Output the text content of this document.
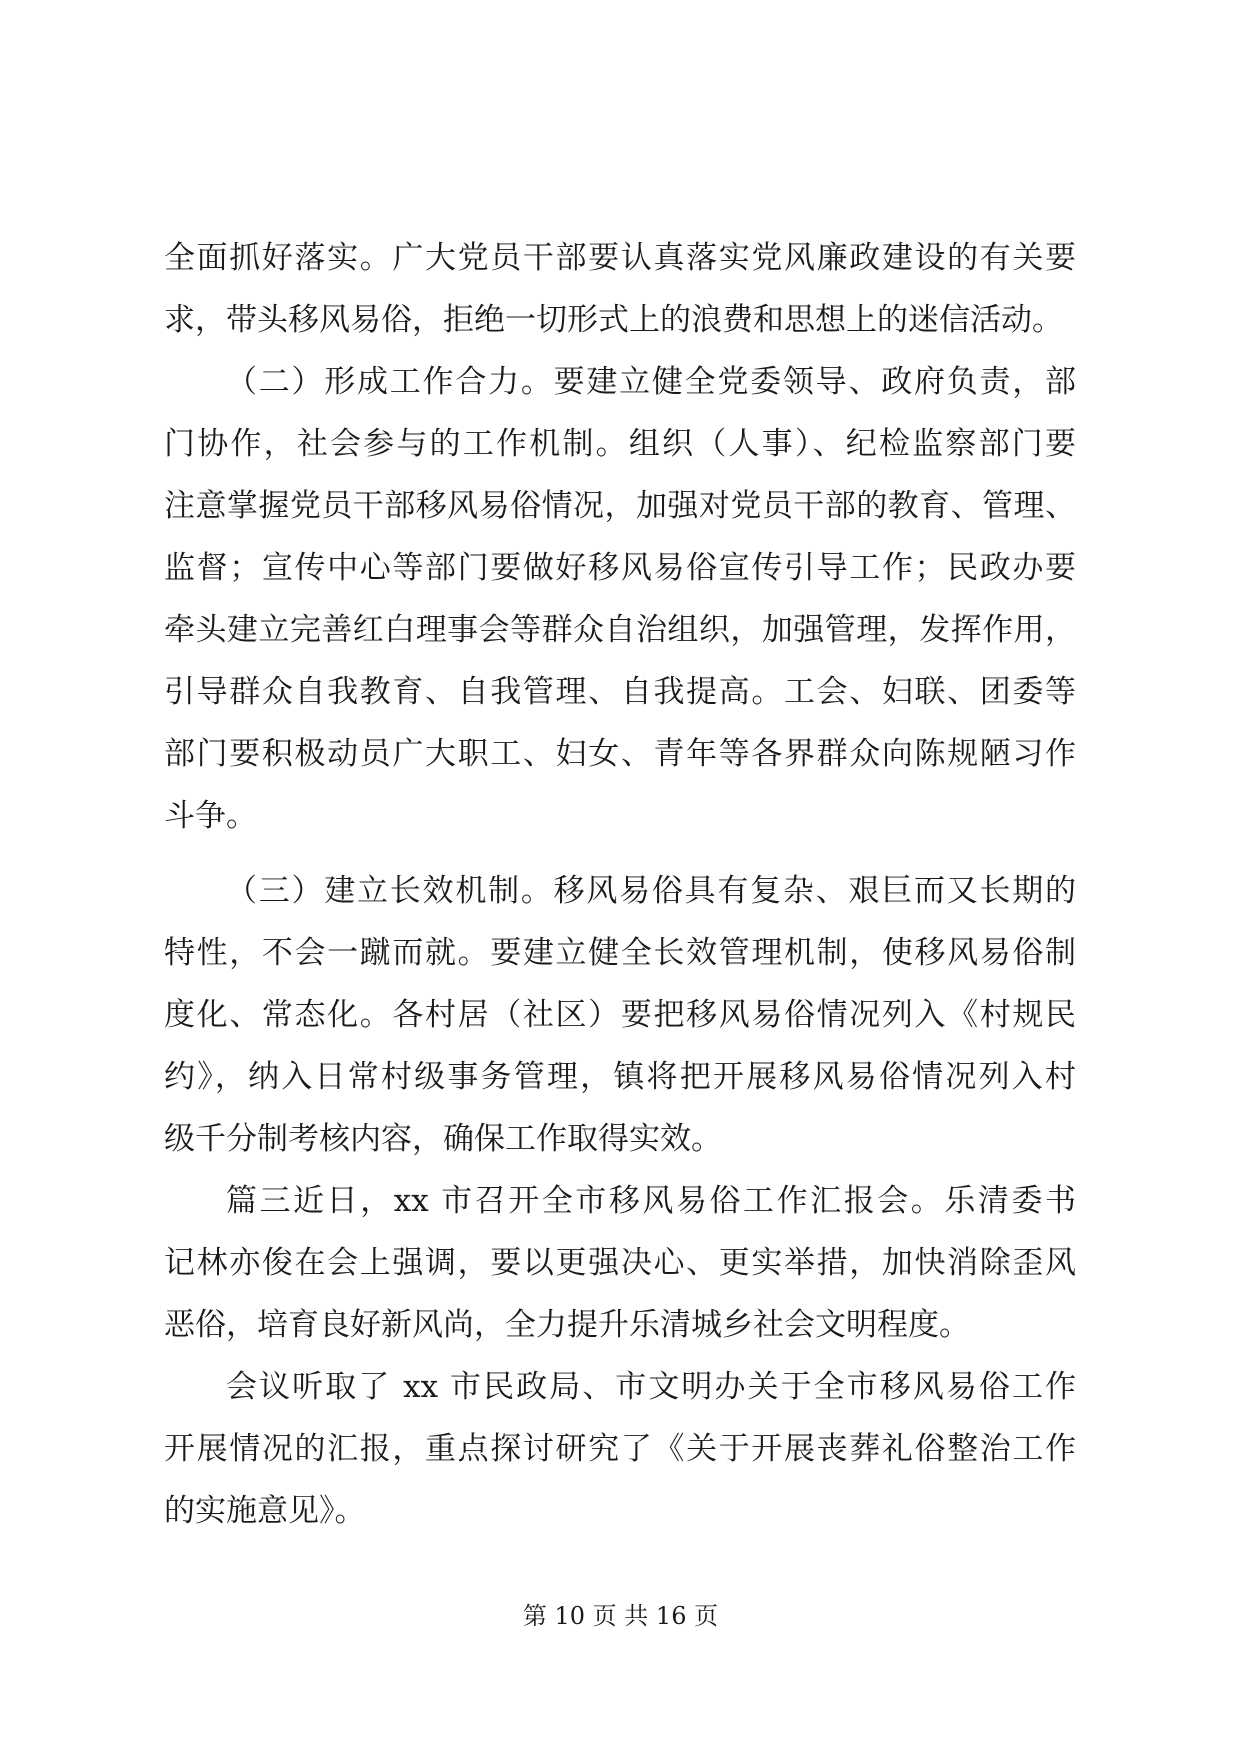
全面抓好落实。广大党员干部要认真落实党风廉政建设的有关要
求，带头移风易俗，拒绝一切形式上的浪费和思想上的迷信活动。
（二）形成工作合力。要建立健全党委领导、政府负责，部
门协作，社会参与的工作机制。组织（人事）、纪检监察部门要
注意掌握党员干部移风易俗情况，加强对党员干部的教育、管理、
监督；宣传中心等部门要做好移风易俗宣传引导工作；民政办要
牵头建立完善红白理事会等群众自治组织，加强管理，发挥作用，
引导群众自我教育、自我管理、自我提高。工会、妇联、团委等
部门要积极动员广大职工、妇女、青年等各界群众向陈规陋习作
斗争。
（三）建立长效机制。移风易俗具有复杂、艰巨而又长期的
特性，不会一蹴而就。要建立健全长效管理机制，使移风易俗制
度化、常态化。各村居（社区）要把移风易俗情况列入《村规民
约》，纳入日常村级事务管理，镇将把开展移风易俗情况列入村
级千分制考核内容，确保工作取得实效。
篇三近日，xx 市召开全市移风易俗工作汇报会。乐清委书
记林亦俊在会上强调，要以更强决心、更实举措，加快消除歪风
恶俗，培育良好新风尚，全力提升乐清城乡社会文明程度。
会议听取了 xx 市民政局、市文明办关于全市移风易俗工作
开展情况的汇报，重点探讨研究了《关于开展丧葬礼俗整治工作
的实施意见》。
第 10 页 共 16 页
